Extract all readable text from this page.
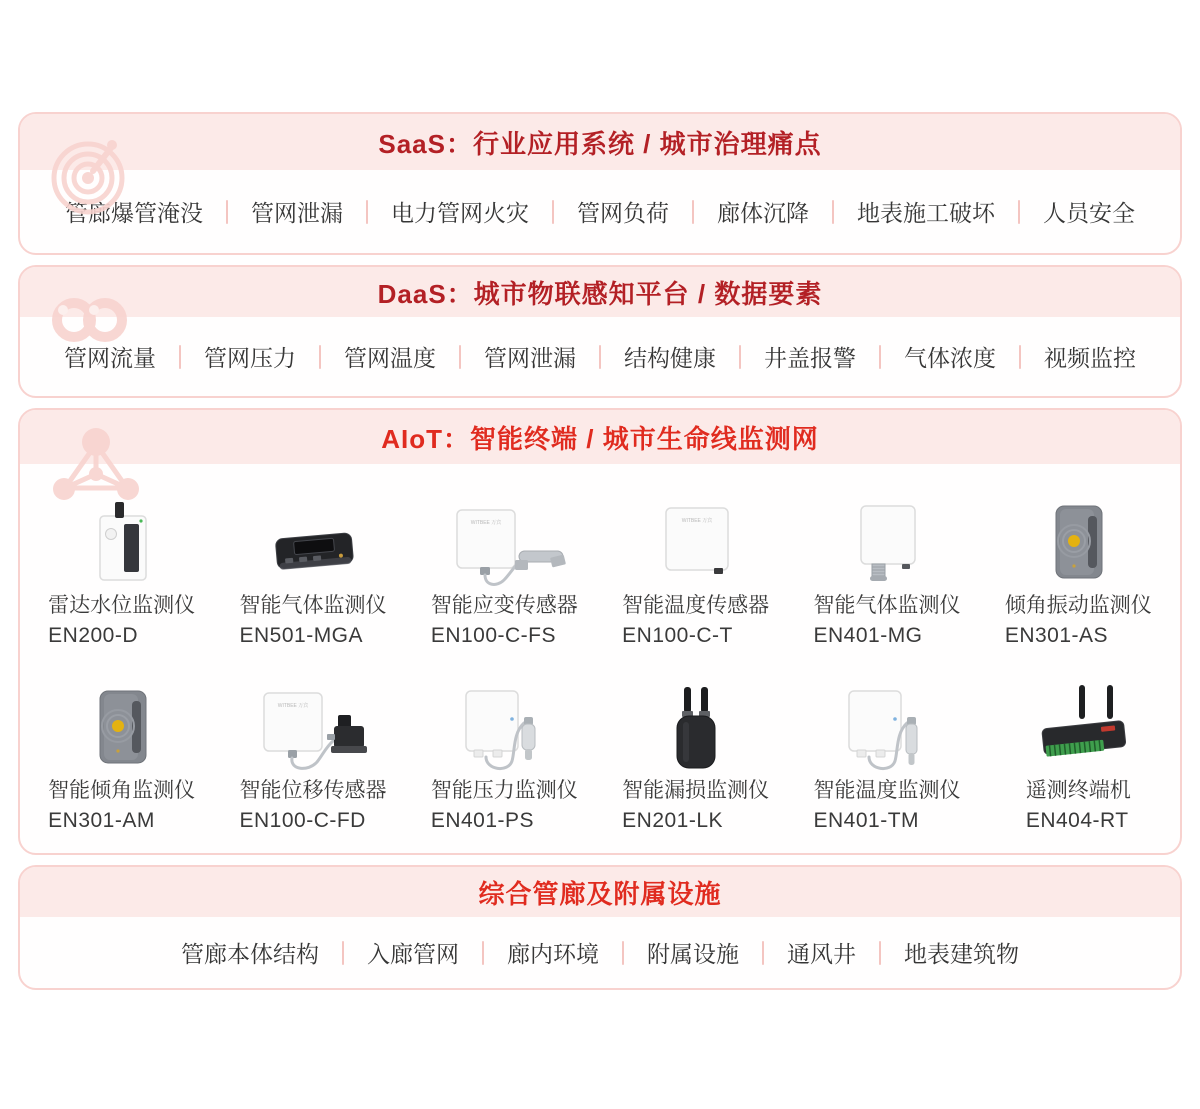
SaaS：行业应用系统 / 城市治理痛点
管廊爆管淹没	管网泄漏	电力管网火灾	管网负荷	廊体沉降	地表施工破坏	人员安全
DaaS：城市物联感知平台 / 数据要素
管网流量	管网压力	管网温度	管网泄漏	结构健康	井盖报警	气体浓度	视频监控
AIoT：智能终端 / 城市生命线监测网
雷达水位监测仪
EN200-D
智能气体监测仪
EN501-MGA
WITBEE 万宾
智能应变传感器
EN100-C-FS
WITBEE 万宾
智能温度传感器
EN100-C-T
智能气体监测仪
EN401-MG
倾角振动监测仪
EN301-AS
智能倾角监测仪
EN301-AM
WITBEE 万宾
智能位移传感器
EN100-C-FD
智能压力监测仪
EN401-PS
智能漏损监测仪
EN201-LK
智能温度监测仪
EN401-TM
遥测终端机
EN404-RT
综合管廊及附属设施
管廊本体结构	入廊管网	廊内环境	附属设施	通风井	地表建筑物
